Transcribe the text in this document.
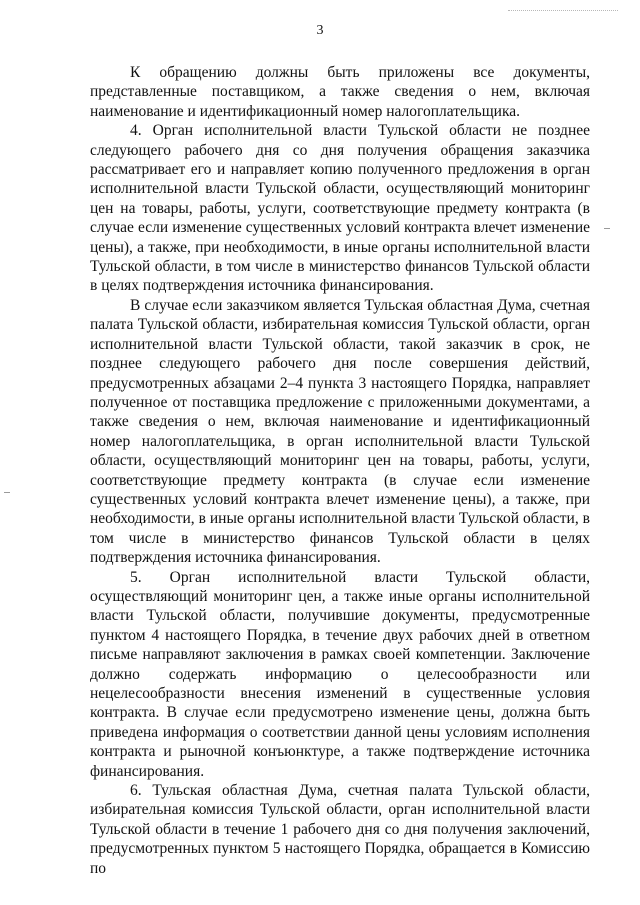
3

К обращению должны быть приложены все документы, представленные поставщиком, а также сведения о нем, включая наименование и идентификационный номер налогоплательщика.

4. Орган исполнительной власти Тульской области не позднее следующего рабочего дня со дня получения обращения заказчика рассматривает его и направляет копию полученного предложения в орган исполнительной власти Тульской области, осуществляющий мониторинг цен на товары, работы, услуги, соответствующие предмету контракта (в случае если изменение существенных условий контракта влечет изменение цены), а также, при необходимости, в иные органы исполнительной власти Тульской области, в том числе в министерство финансов Тульской области в целях подтверждения источника финансирования.

В случае если заказчиком является Тульская областная Дума, счетная палата Тульской области, избирательная комиссия Тульской области, орган исполнительной власти Тульской области, такой заказчик в срок, не позднее следующего рабочего дня после совершения действий, предусмотренных абзацами 2–4 пункта 3 настоящего Порядка, направляет полученное от поставщика предложение с приложенными документами, а также сведения о нем, включая наименование и идентификационный номер налогоплательщика, в орган исполнительной власти Тульской области, осуществляющий мониторинг цен на товары, работы, услуги, соответствующие предмету контракта (в случае если изменение существенных условий контракта влечет изменение цены), а также, при необходимости, в иные органы исполнительной власти Тульской области, в том числе в министерство финансов Тульской области в целях подтверждения источника финансирования.

5. Орган исполнительной власти Тульской области, осуществляющий мониторинг цен, а также иные органы исполнительной власти Тульской области, получившие документы, предусмотренные пунктом 4 настоящего Порядка, в течение двух рабочих дней в ответном письме направляют заключения в рамках своей компетенции. Заключение должно содержать информацию о целесообразности или нецелесообразности внесения изменений в существенные условия контракта. В случае если предусмотрено изменение цены, должна быть приведена информация о соответствии данной цены условиям исполнения контракта и рыночной конъюнктуре, а также подтверждение источника финансирования.

6. Тульская областная Дума, счетная палата Тульской области, избирательная комиссия Тульской области, орган исполнительной власти Тульской области в течение 1 рабочего дня со дня получения заключений, предусмотренных пунктом 5 настоящего Порядка, обращается в Комиссию по
